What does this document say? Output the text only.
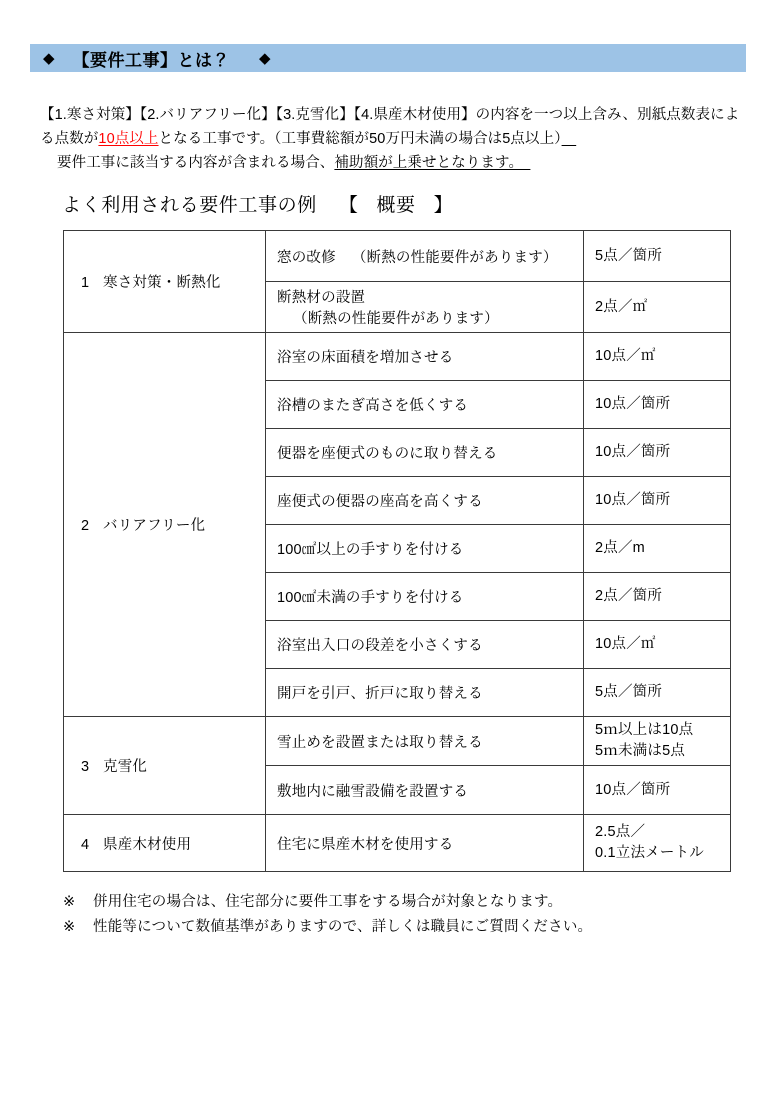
◆ 【要件工事】とは？ ◆

【1.寒さ対策】【2.バリアフリー化】【3.克雪化】【4.県産木材使用】の内容を一つ以上含み、別紙点数表による点数が10点以上となる工事です。（工事費総額が50万円未満の場合は5点以上）　

要件工事に該当する内容が含まれる場合、補助額が上乗せとなります。　

よく利用される要件工事の例 【 概要 】
1 寒さ対策・断熱化	窓の改修 （断熱の性能要件があります）	5点／箇所
	断熱材の設置（断熱の性能要件があります）	2点／㎡
2 バリアフリー化	浴室の床面積を増加させる	10点／㎡
	浴槽のまたぎ高さを低くする	10点／箇所
	便器を座便式のものに取り替える	10点／箇所
	座便式の便器の座高を高くする	10点／箇所
	100㎠以上の手すりを付ける	2点／m
	100㎠未満の手すりを付ける	2点／箇所
	浴室出入口の段差を小さくする	10点／㎡
	開戸を引戸、折戸に取り替える	5点／箇所
3 克雪化	雪止めを設置または取り替える	5ｍ以上は10点
5ｍ未満は5点

	敷地内に融雪設備を設置する	10点／箇所
4 県産木材使用	住宅に県産木材を使用する	2.5点／
0.1立法メートル
※ 併用住宅の場合は、住宅部分に要件工事をする場合が対象となります。
※ 性能等について数値基準がありますので、詳しくは職員にご質問ください。
